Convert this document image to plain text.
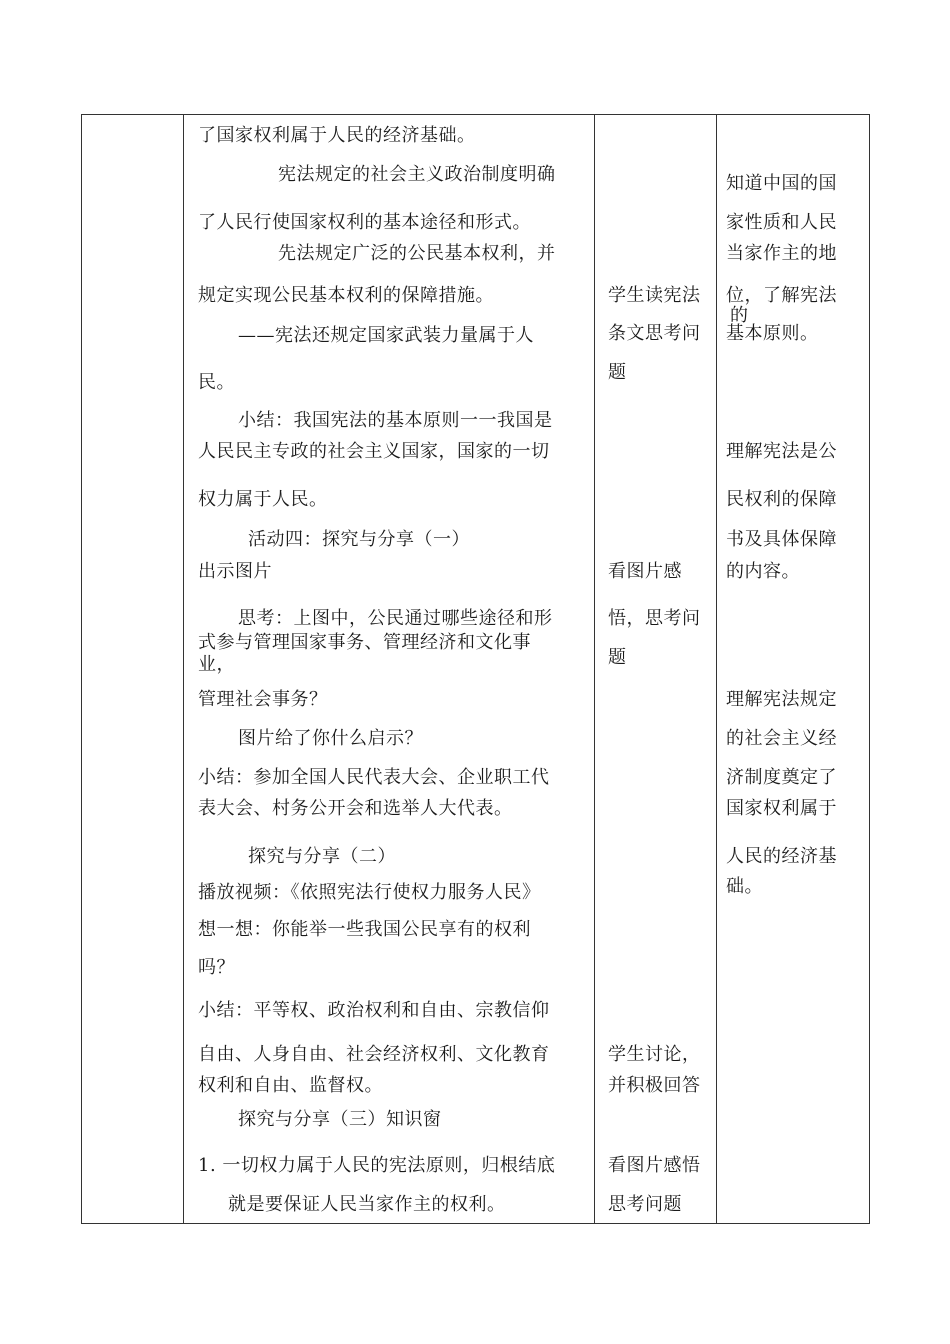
了国家权利属于人民的经济基础。
宪法规定的社会主义政治制度明确
了人民行使国家权利的基本途径和形式。
先法规定广泛的公民基本权利，并
规定实现公民基本权利的保障措施。
——宪法还规定国家武装力量属于人
民。
小结：我国宪法的基本原则一一我国是
人民民主专政的社会主义国家，国家的一切
权力属于人民。
活动四：探究与分享（一）
出示图片
思考：上图中，公民通过哪些途径和形
式参与管理国家事务、管理经济和文化事
业，
管理社会事务？
图片给了你什么启示？
小结：参加全国人民代表大会、企业职工代
表大会、村务公开会和选举人大代表。
探究与分享（二）
播放视频：《依照宪法行使权力服务人民》
想一想：你能举一些我国公民享有的权利
吗？
小结：平等权、政治权利和自由、宗教信仰
自由、人身自由、社会经济权利、文化教育
权利和自由、监督权。
探究与分享（三）知识窗
1. 一切权力属于人民的宪法原则，归根结底
就是要保证人民当家作主的权利。
学生读宪法
条文思考问
题
看图片感
悟，思考问
题
学生讨论，
并积极回答
看图片感悟
思考问题
知道中国的国
家性质和人民
当家作主的地
位，了解宪法
的
基本原则。
理解宪法是公
民权利的保障
书及具体保障
的内容。
理解宪法规定
的社会主义经
济制度奠定了
国家权利属于
人民的经济基
础。
